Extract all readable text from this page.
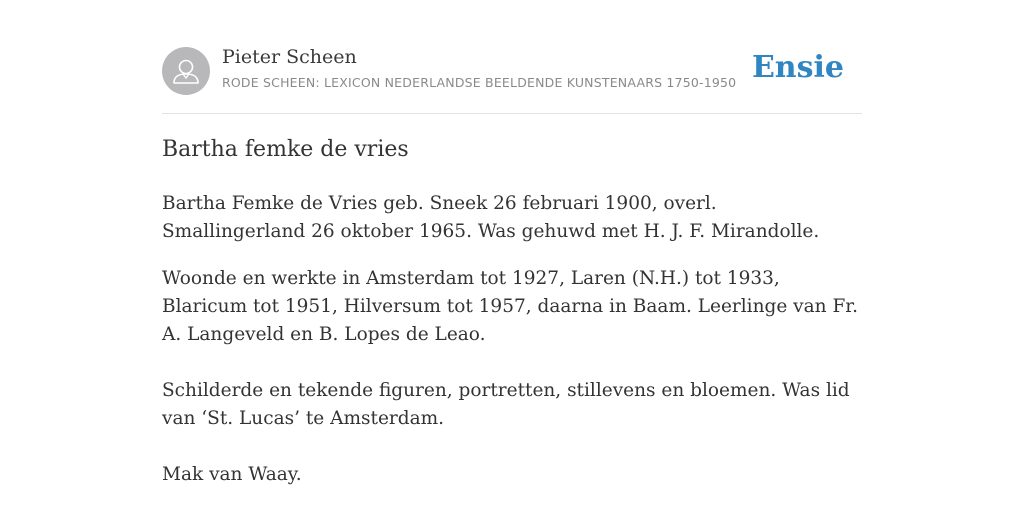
Pieter Scheen
RODE SCHEEN: LEXICON NEDERLANDSE BEELDENDE KUNSTENAARS 1750-1950 Ensie
Bartha femke de vries

Bartha Femke de Vries geb. Sneek 26 februari 1900, overl. Smallingerland 26 oktober 1965. Was gehuwd met H. J. F. Mirandolle.

Woonde en werkte in Amsterdam tot 1927, Laren (N.H.) tot 1933, Blaricum tot 1951, Hilversum tot 1957, daarna in Baam. Leerlinge van Fr. A. Langeveld en B. Lopes de Leao.

Schilderde en tekende figuren, portretten, stillevens en bloemen. Was lid van ‘St. Lucas’ te Amsterdam.

Mak van Waay.
